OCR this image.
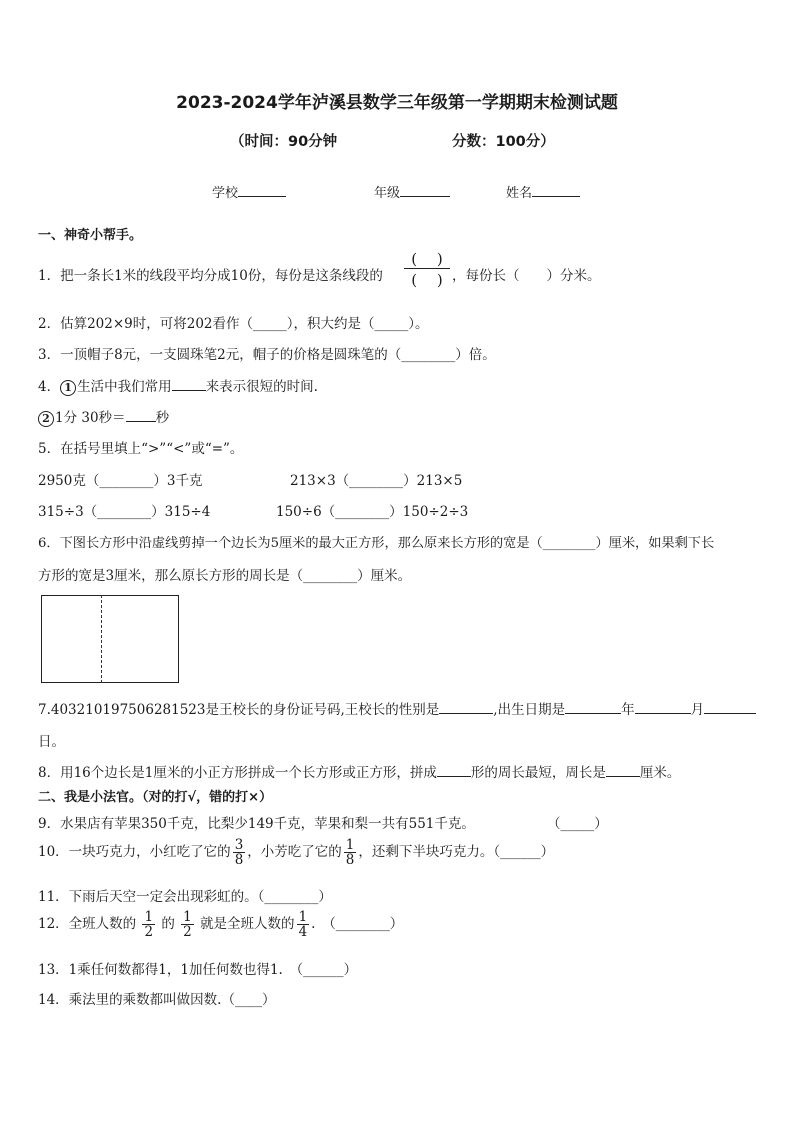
2023-2024学年泸溪县数学三年级第一学期期末检测试题
（时间：90分钟	分数：100分）
学校	年级	姓名
一、神奇小帮手。
1．把一条长1米的线段平均分成10份，每份是这条线段的
(　 )
(　 ) ，每份长（　　）分米。
2．估算202×9时，可将202看作（_____），积大约是（_____）。
3．一顶帽子8元，一支圆珠笔2元，帽子的价格是圆珠笔的（________）倍。
4． 1 生活中我们常用	来表示很短的时间.
2 1分 30秒＝ 秒
5．在括号里填上“>”“<”或“=”。
2950克（________）3千克	213×3（________）213×5
315÷3（________）315÷4	150÷6（________）150÷2÷3
6．下图长方形中沿虚线剪掉一个边长为5厘米的最大正方形，那么原来长方形的宽是（________）厘米，如果剩下长
方形的宽是3厘米，那么原长方形的周长是（________）厘米。
7.403210197506281523是王校长的身份证号码,王校长的性别是	,出生日期是	年	月
日。
8．用16个边长是1厘米的小正方形拼成一个长方形或正方形，拼成	形的周长最短，周长是	厘米。
二、我是小法官。（对的打√，错的打×）
9．水果店有苹果350千克，比梨少149千克，苹果和梨一共有551千克。	（_____）
10．一块巧克力，小红吃了它的 $\frac{3}{8}$ ，小芳吃了它的 $\frac{1}{8}$ ，还剩下半块巧克力。（______）
11．下雨后天空一定会出现彩虹的。（________）
12．全班人数的 $\frac{1}{2}$ 的 $\frac{1}{2}$ 就是全班人数的 $\frac{1}{4}$ .　（________）
13．1乘任何数都得1，1加任何数也得1.　（______）
14．乘法里的乘数都叫做因数.（____）
